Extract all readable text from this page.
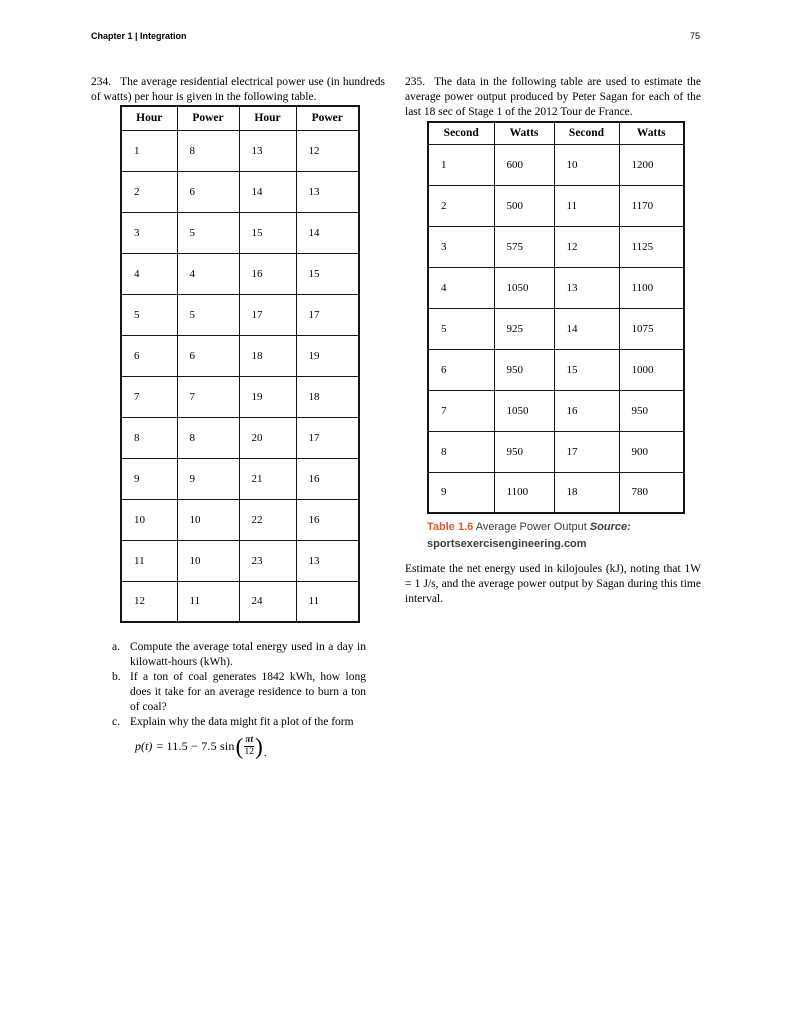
Chapter 1 | Integration	75

234. The average residential electrical power use (in hundreds of watts) per hour is given in the following table.

Hour	Power	Hour	Power
1	8	13	12
2	6	14	13
3	5	15	14
4	4	16	15
5	5	17	17
6	6	18	19
7	7	19	18
8	8	20	17
9	9	21	16
10	10	22	16
11	10	23	13
12	11	24	11
a. Compute the average total energy used in a day in kilowatt-hours (kWh).
b. If a ton of coal generates 1842 kWh, how long does it take for an average residence to burn a ton of coal?
c. Explain why the data might fit a plot of the form
p(t) = 11.5 − 7.5 sin ( $\frac{\pi t}{12}$ ) .

235. The data in the following table are used to estimate the average power output produced by Peter Sagan for each of the last 18 sec of Stage 1 of the 2012 Tour de France.

Second	Watts	Second	Watts
1	600	10	1200
2	500	11	1170
3	575	12	1125
4	1050	13	1100
5	925	14	1075
6	950	15	1000
7	1050	16	950
8	950	17	900
9	1100	18	780
Table 1.6 Average Power Output Source: sportsexercisengineering.com

Estimate the net energy used in kilojoules (kJ), noting that 1W = 1 J/s, and the average power output by Sagan during this time interval.
